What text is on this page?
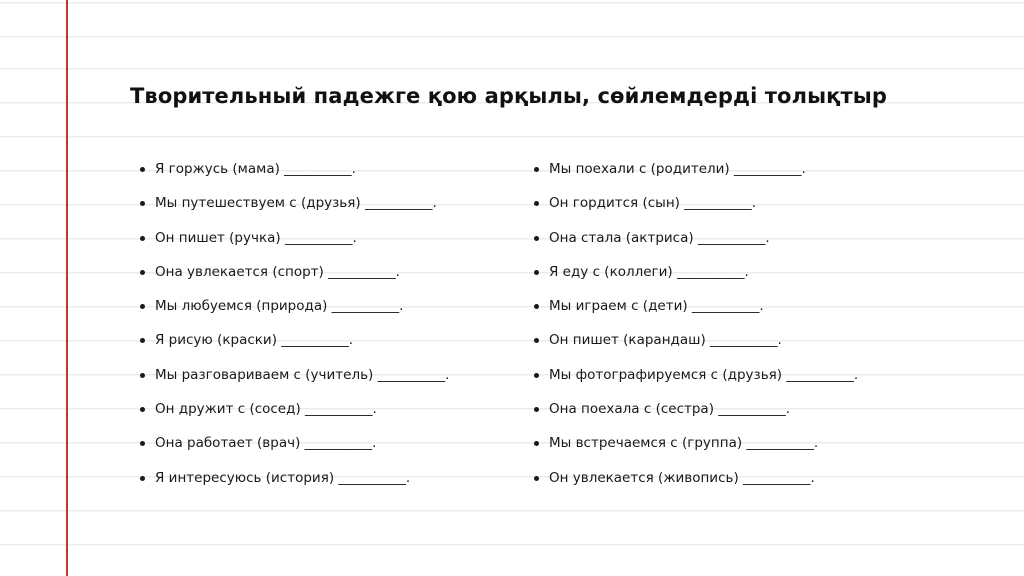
Творительный падежге қою арқылы, сөйлемдерді толықтыр
Я горжусь (мама) __________.
Мы путешествуем с (друзья) __________.
Он пишет (ручка) __________.
Она увлекается (спорт) __________.
Мы любуемся (природа) __________.
Я рисую (краски) __________.
Мы разговариваем с (учитель) __________.
Он дружит с (сосед) __________.
Она работает (врач) __________.
Я интересуюсь (история) __________.
Мы поехали с (родители) __________.
Он гордится (сын) __________.
Она стала (актриса) __________.
Я еду с (коллеги) __________.
Мы играем с (дети) __________.
Он пишет (карандаш) __________.
Мы фотографируемся с (друзья) __________.
Она поехала с (сестра) __________.
Мы встречаемся с (группа) __________.
Он увлекается (живопись) __________.
